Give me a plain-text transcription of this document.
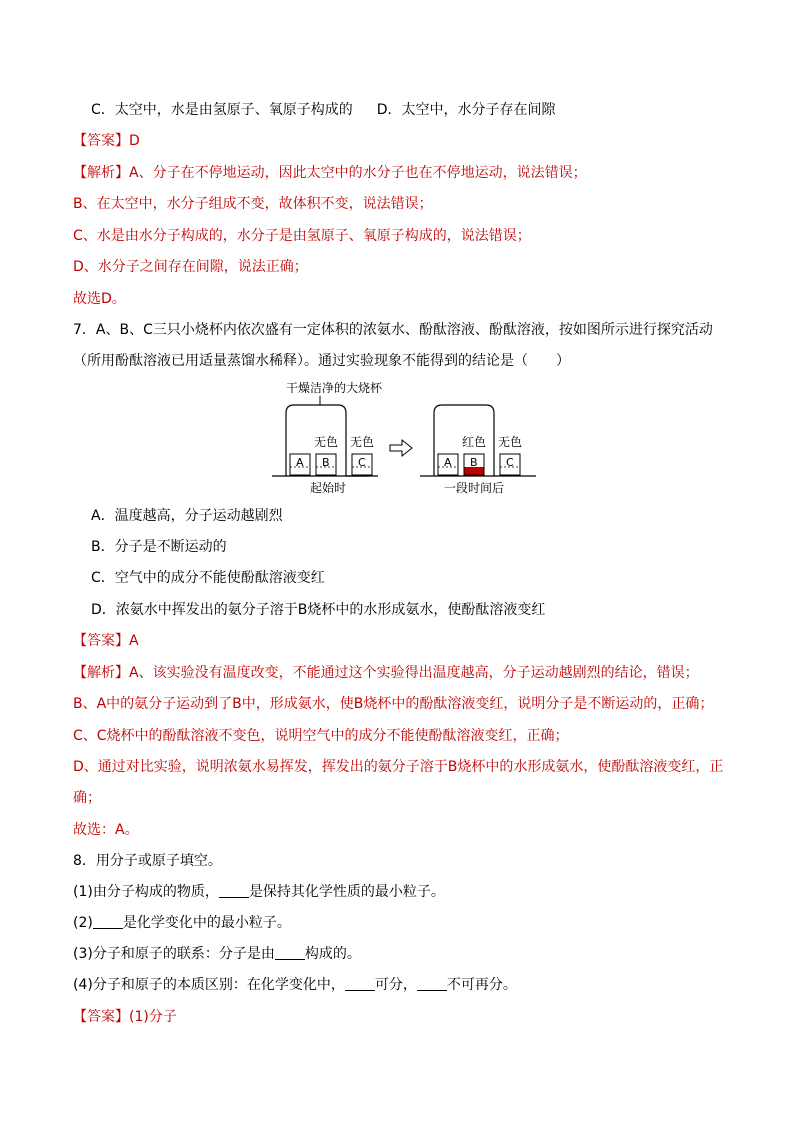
C．太空中，水是由氢原子、氧原子构成的 D．太空中，水分子存在间隙
【答案】D
【解析】A、分子在不停地运动，因此太空中的水分子也在不停地运动，说法错误；
B、在太空中，水分子组成不变，故体积不变，说法错误；
C、水是由水分子构成的，水分子是由氢原子、氧原子构成的，说法错误；
D、水分子之间存在间隙，说法正确；
故选D。
7．A、B、C三只小烧杯内依次盛有一定体积的浓氨水、酚酞溶液、酚酞溶液，按如图所示进行探究活动
（所用酚酞溶液已用适量蒸馏水稀释）。通过实验现象不能得到的结论是（　　）
干燥洁净的大烧杯
A B	C
无色 无色
起始时
A B	C
红色 无色
一段时间后
A．温度越高，分子运动越剧烈
B．分子是不断运动的
C．空气中的成分不能使酚酞溶液变红
D．浓氨水中挥发出的氨分子溶于B烧杯中的水形成氨水，使酚酞溶液变红
【答案】A
【解析】A、该实验没有温度改变，不能通过这个实验得出温度越高，分子运动越剧烈的结论，错误；
B、A中的氨分子运动到了B中，形成氨水，使B烧杯中的酚酞溶液变红，说明分子是不断运动的，正确；
C、C烧杯中的酚酞溶液不变色，说明空气中的成分不能使酚酞溶液变红，正确；
D、通过对比实验，说明浓氨水易挥发，挥发出的氨分子溶于B烧杯中的水形成氨水，使酚酞溶液变红，正
确；
故选：A。
8．用分子或原子填空。
(1)由分子构成的物质， 是保持其化学性质的最小粒子。
(2) 是化学变化中的最小粒子。
(3)分子和原子的联系：分子是由 构成的。
(4)分子和原子的本质区别：在化学变化中， 可分， 不可再分。
【答案】(1)分子
